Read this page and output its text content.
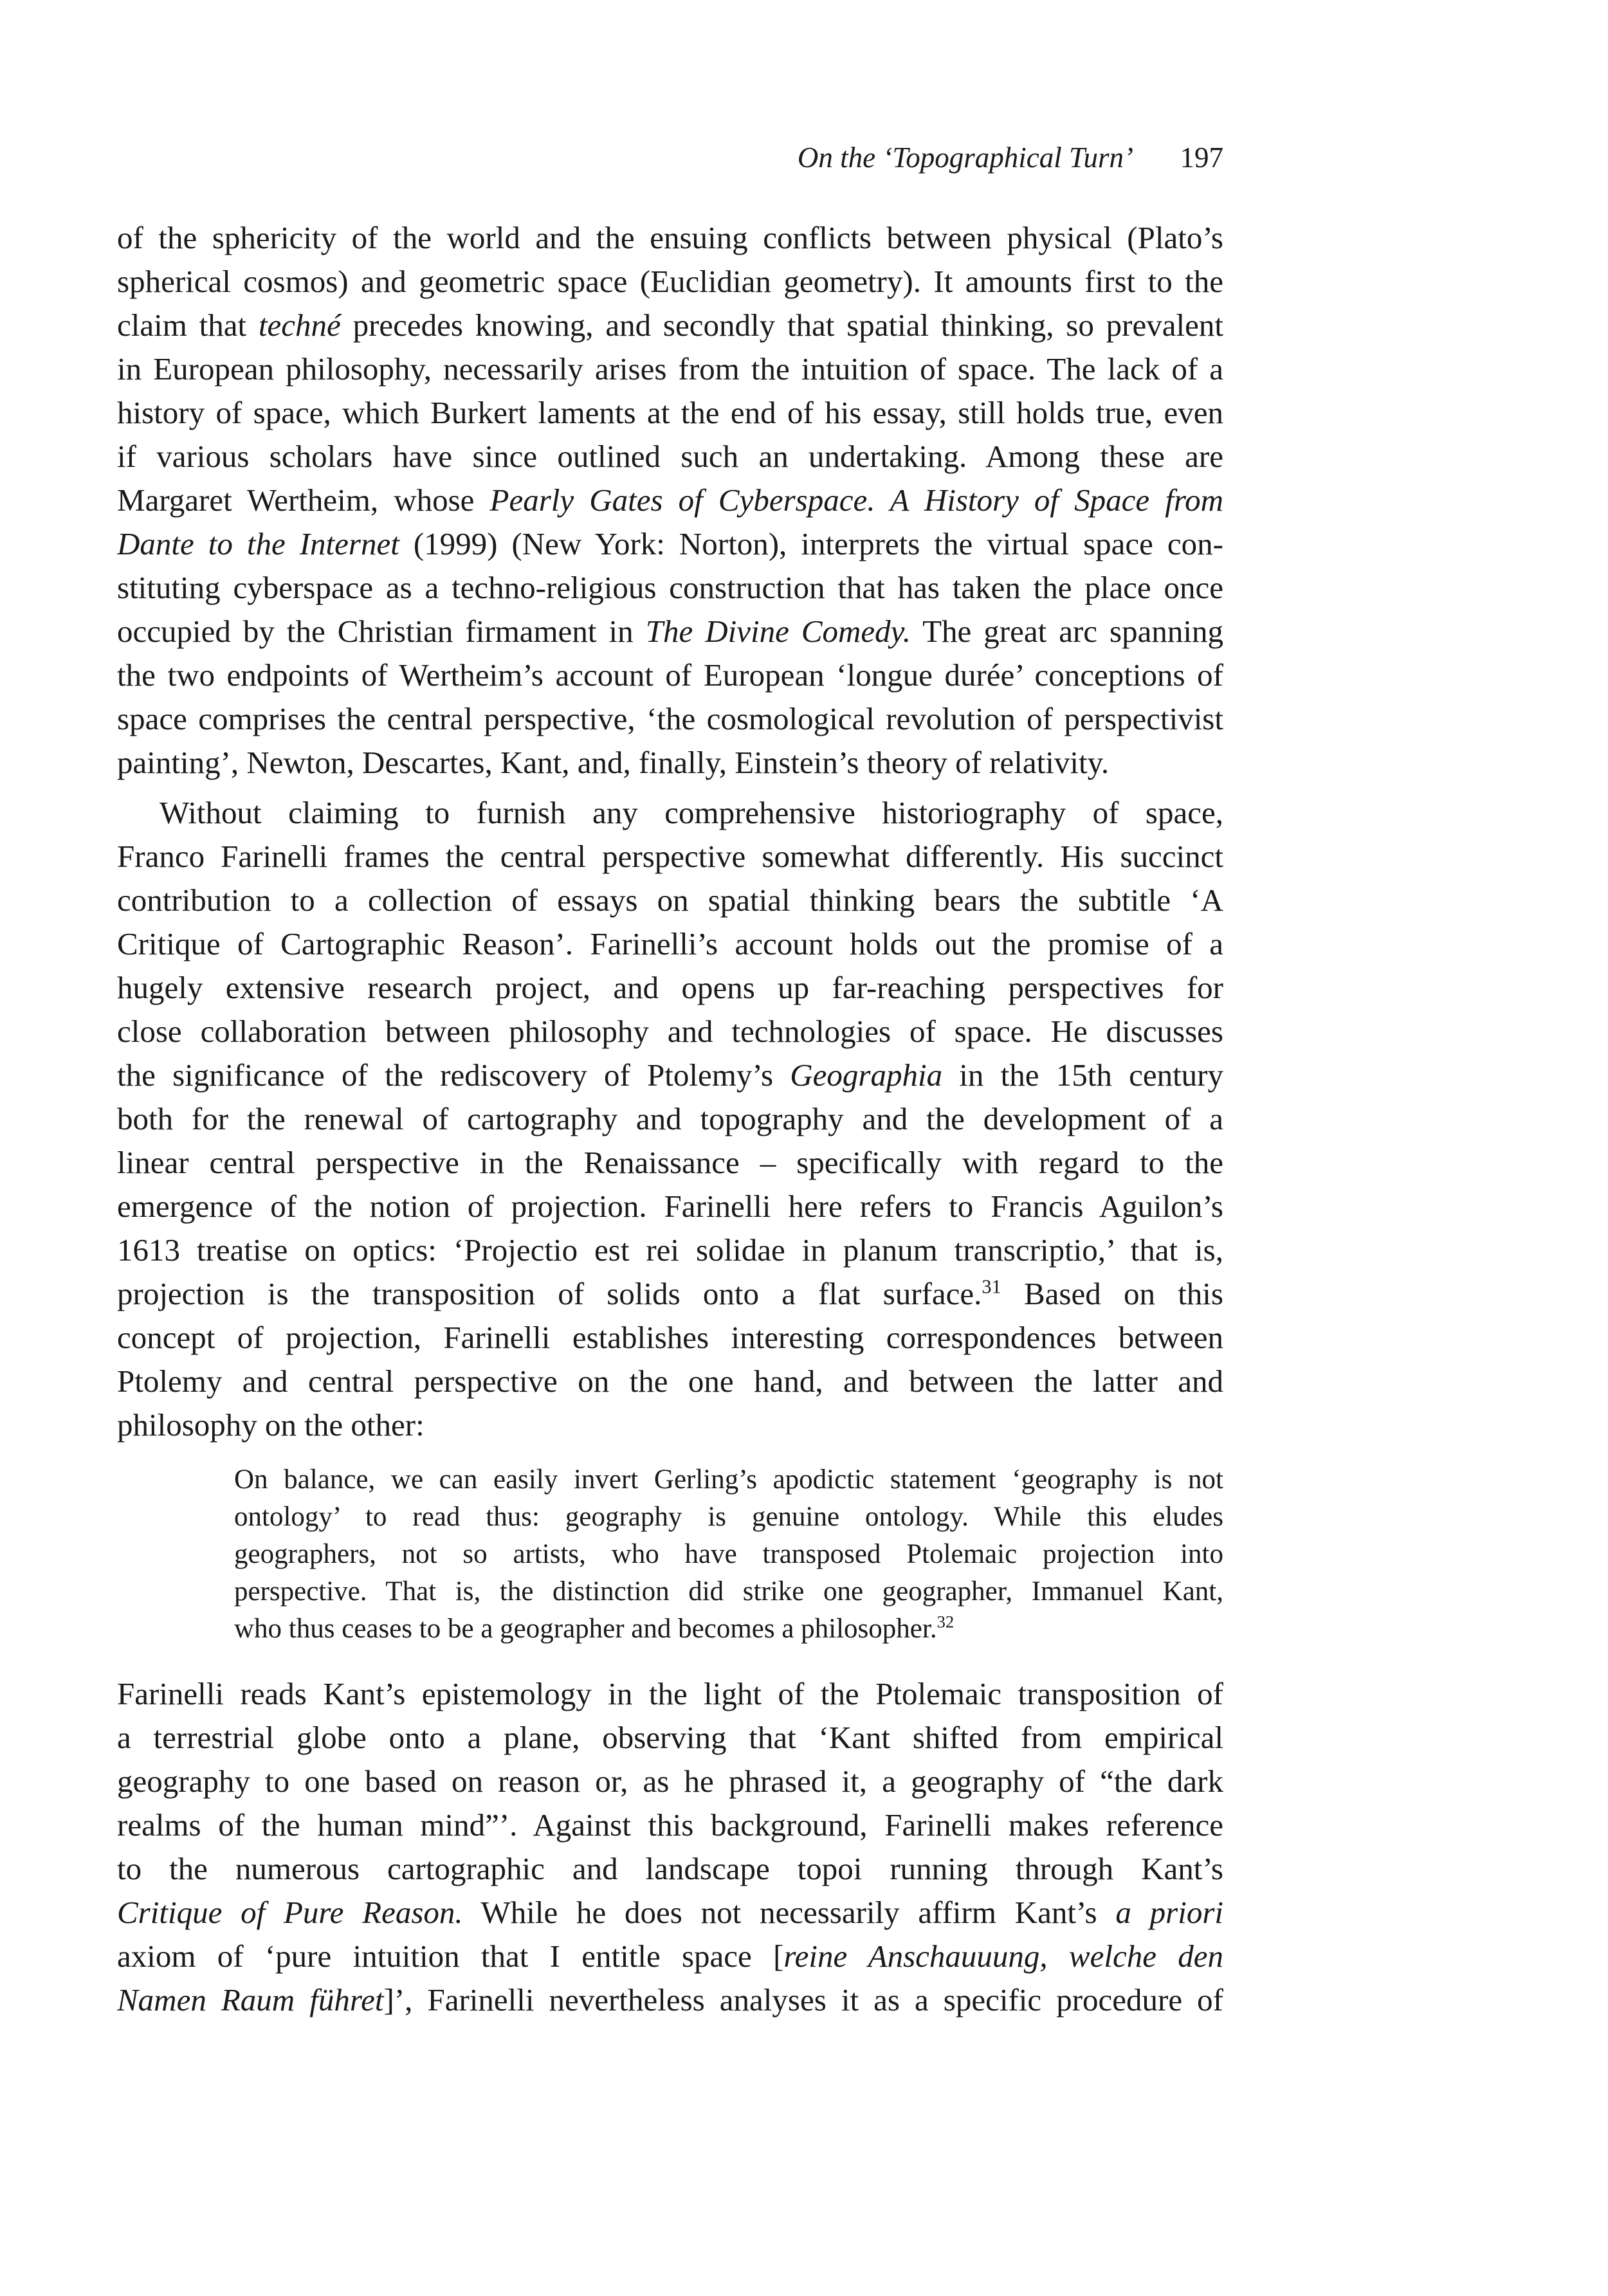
On the ‘Topographical Turn’ 197
of the sphericity of the world and the ensuing conflicts between physical (Plato’s
spherical cosmos) and geometric space (Euclidian geometry). It amounts first to the
claim that techné precedes knowing, and secondly that spatial thinking, so prevalent
in European philosophy, necessarily arises from the intuition of space. The lack of a
history of space, which Burkert laments at the end of his essay, still holds true, even
if various scholars have since outlined such an undertaking. Among these are
Margaret Wertheim, whose Pearly Gates of Cyberspace. A History of Space from
Dante to the Internet (1999) (New York: Norton), interprets the virtual space con-
stituting cyberspace as a techno-religious construction that has taken the place once
occupied by the Christian firmament in The Divine Comedy. The great arc spanning
the two endpoints of Wertheim’s account of European ‘longue durée’ conceptions of
space comprises the central perspective, ‘the cosmological revolution of perspectivist
painting’, Newton, Descartes, Kant, and, finally, Einstein’s theory of relativity.
Without claiming to furnish any comprehensive historiography of space,
Franco Farinelli frames the central perspective somewhat differently. His succinct
contribution to a collection of essays on spatial thinking bears the subtitle ‘A
Critique of Cartographic Reason’. Farinelli’s account holds out the promise of a
hugely extensive research project, and opens up far-reaching perspectives for
close collaboration between philosophy and technologies of space. He discusses
the significance of the rediscovery of Ptolemy’s Geographia in the 15th century
both for the renewal of cartography and topography and the development of a
linear central perspective in the Renaissance – specifically with regard to the
emergence of the notion of projection. Farinelli here refers to Francis Aguilon’s
1613 treatise on optics: ‘Projectio est rei solidae in planum transcriptio,’ that is,
projection is the transposition of solids onto a flat surface.$^{31}$ Based on this
concept of projection, Farinelli establishes interesting correspondences between
Ptolemy and central perspective on the one hand, and between the latter and
philosophy on the other:
On balance, we can easily invert Gerling’s apodictic statement ‘geography is not
ontology’ to read thus: geography is genuine ontology. While this eludes
geographers, not so artists, who have transposed Ptolemaic projection into
perspective. That is, the distinction did strike one geographer, Immanuel Kant,
who thus ceases to be a geographer and becomes a philosopher.$^{32}$
Farinelli reads Kant’s epistemology in the light of the Ptolemaic transposition of
a terrestrial globe onto a plane, observing that ‘Kant shifted from empirical
geography to one based on reason or, as he phrased it, a geography of “the dark
realms of the human mind”’. Against this background, Farinelli makes reference
to the numerous cartographic and landscape topoi running through Kant’s
Critique of Pure Reason. While he does not necessarily affirm Kant’s a priori
axiom of ‘pure intuition that I entitle space [reine Anschauuung, welche den
Namen Raum führet]’, Farinelli nevertheless analyses it as a specific procedure of
